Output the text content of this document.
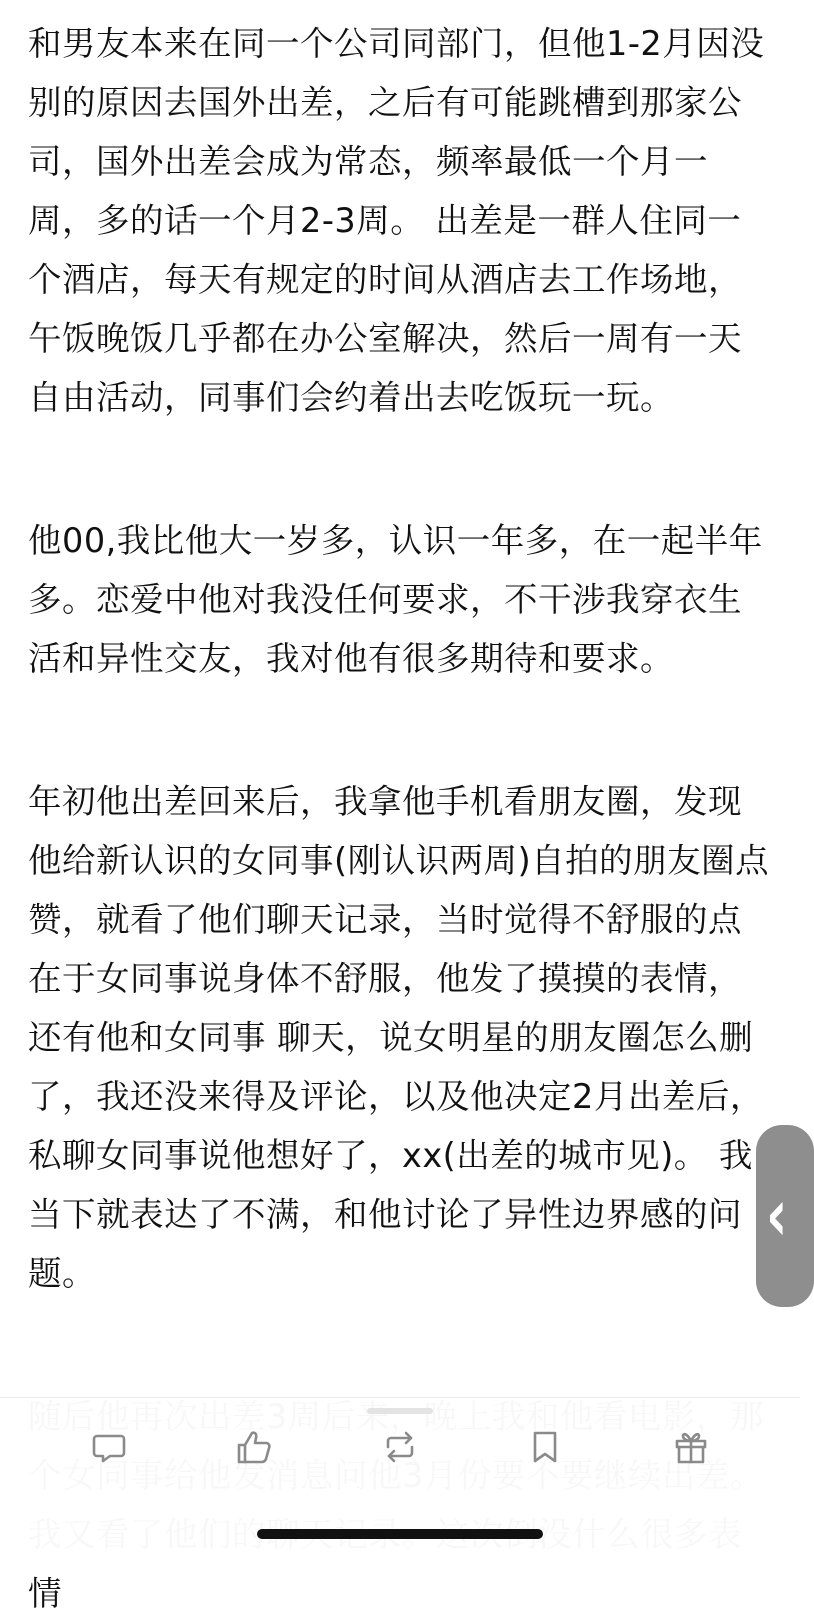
和男友本来在同一个公司同部门，但他1-2月因没别的原因去国外出差，之后有可能跳槽到那家公司，国外出差会成为常态，频率最低一个月一周，多的话一个月2-3周。 出差是一群人住同一个酒店，每天有规定的时间从酒店去工作场地，午饭晚饭几乎都在办公室解决，然后一周有一天自由活动，同事们会约着出去吃饭玩一玩。

他00,我比他大一岁多，认识一年多，在一起半年多。恋爱中他对我没任何要求，不干涉我穿衣生活和异性交友，我对他有很多期待和要求。

年初他出差回来后，我拿他手机看朋友圈，发现他给新认识的女同事(刚认识两周)自拍的朋友圈点赞，就看了他们聊天记录，当时觉得不舒服的点在于女同事说身体不舒服，他发了摸摸的表情， 还有他和女同事 聊天，说女明星的朋友圈怎么删了，我还没来得及评论，以及他决定2月出差后，私聊女同事说他想好了，xx(出差的城市见)。 我当下就表达了不满，和他讨论了异性边界感的问题。

情

‹
